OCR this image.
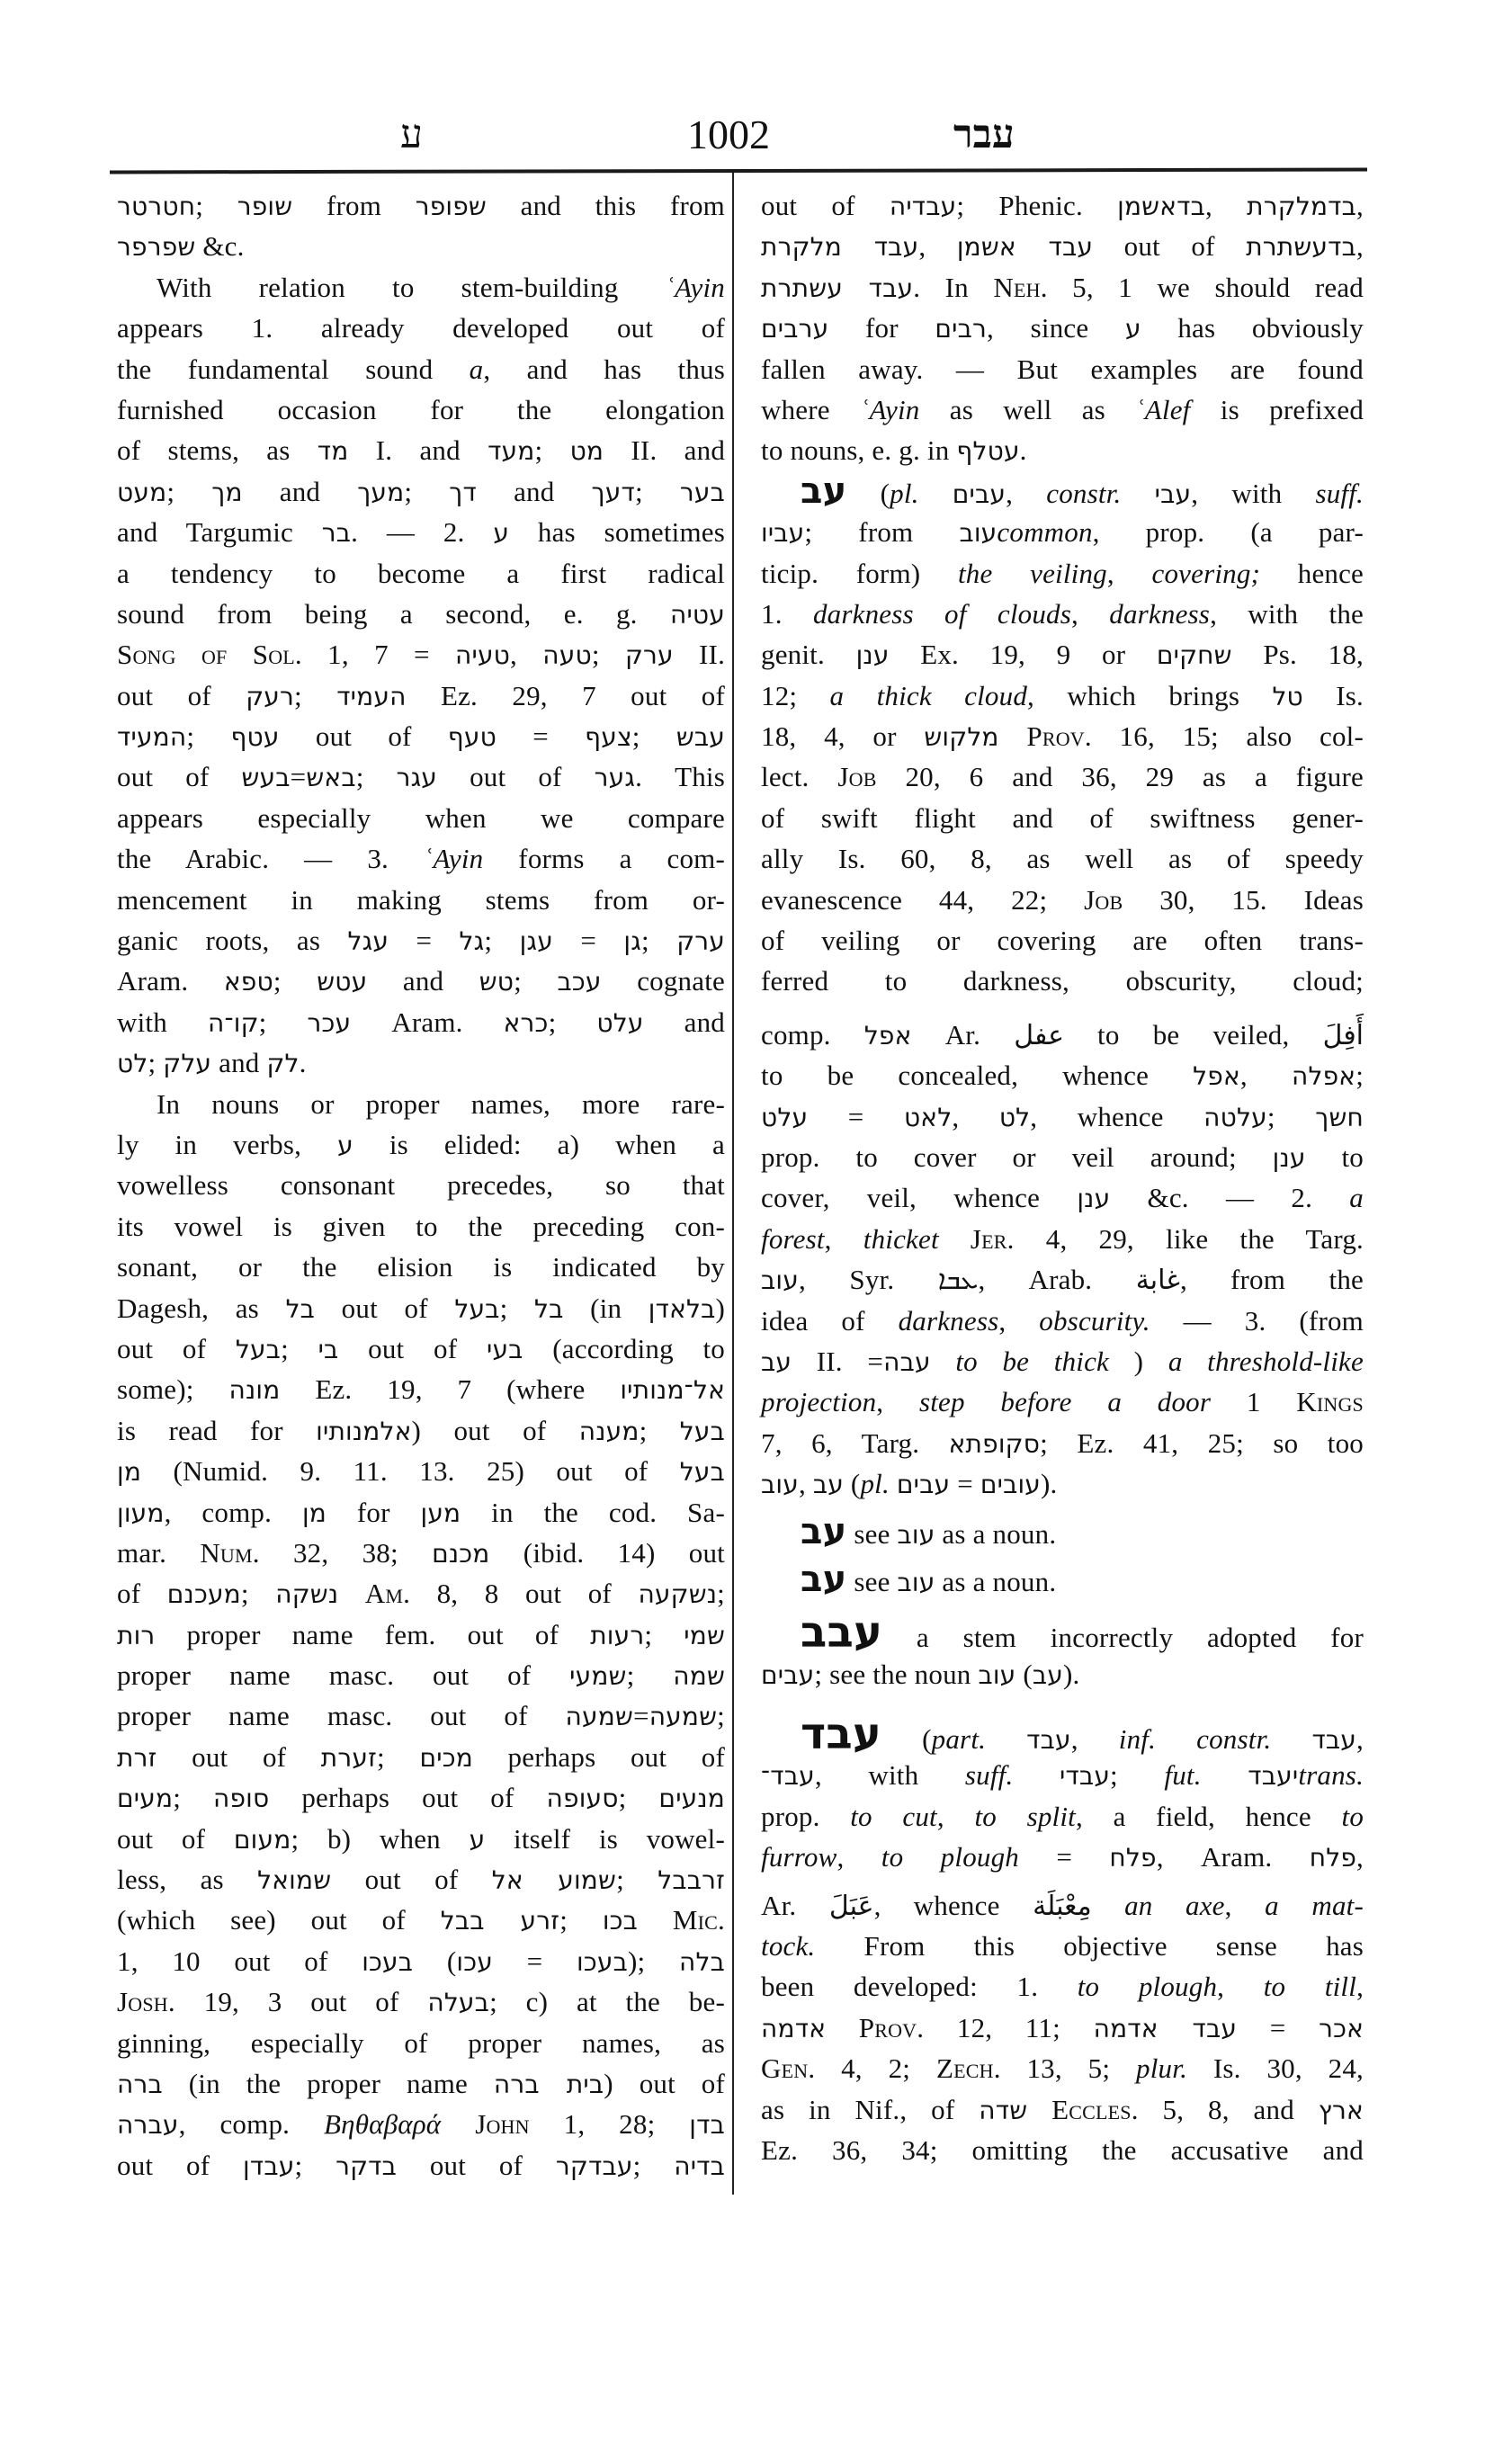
ע	1002	עבר
חטרטר; שופר from שפופר and this from
שפרפר &c.
With relation to stem-building ʿAyin
appears 1. already developed out of
the fundamental sound a, and has thus
furnished occasion for the elongation
of stems, as מד I. and מעד; מט II. and
מעט; מך and מעך; דך and דעך; בער
and Targumic בר. — 2. ע has sometimes
a tendency to become a first radical
sound from being a second, e. g. עטיה
Song of Sol. 1, 7 = טעיה, טעה; ערק II.
out of רעק; העמיד Ez. 29, 7 out of
המעיד; עטף out of טעף = צעף; עבש
out of בעש=באש; עגר out of גער. This
appears especially when we compare
the Arabic. — 3. ʿAyin forms a com-
mencement in making stems from or-
ganic roots, as עגל = גל; עגן = גן; ערק
Aram. טפא; עטש and טש; עכב cognate
with קו־ה; עכר Aram. כרא; עלט and
לט; עלק and לק.
In nouns or proper names, more rare-
ly in verbs, ע is elided: a) when a
vowelless consonant precedes, so that
its vowel is given to the preceding con-
sonant, or the elision is indicated by
Dagesh, as בל out of בעל; בל (in בלאדן)
out of בעל; בי out of בעי (according to
some); מונה Ez. 19, 7 (where אל־מנותיו
is read for אלמנותיו) out of מענה; בעל
מן (Numid. 9. 11. 13. 25) out of בעל
מעון, comp. מן for מען in the cod. Sa-
mar. Num. 32, 38; מכנם (ibid. 14) out
of מעכנם; נשקה Am. 8, 8 out of נשקעה;
רות proper name fem. out of רעות; שמי
proper name masc. out of שמעי; שמה
proper name masc. out of שמעה=שמעה;
זרת out of זערת; מכים perhaps out of
מעים; סופה perhaps out of סעופה; מנעים
out of מעום; b) when ע itself is vowel-
less, as שמואל out of שמוע אל; זרבבל
(which see) out of זרע בבל; בכו Mic.
1, 10 out of בעכו (עכו = בעכו); בלה
Josh. 19, 3 out of בעלה; c) at the be-
ginning, especially of proper names, as
ברה (in the proper name בית ברה) out of
עברה, comp. Βηθαβαρά John 1, 28; בדן
out of עבדן; בדקר out of עבדקר; בדיה
out of עבדיה; Phenic. בדאשמן, בדמלקרת,
עבד מלקרת, עבד אשמן out of בדעשתרת,
עבד עשתרת. In Neh. 5, 1 we should read
ערבים for רבים, since ע has obviously
fallen away. — But examples are found
where ʿAyin as well as ʿAlef is prefixed
to nouns, e. g. in עטלף.
עב (pl. עבים, constr. עבי, with suff.
עביו; from עובcommon, prop. (a par-
ticip. form) the veiling, covering; hence
1. darkness of clouds, darkness, with the
genit. ענן Ex. 19, 9 or שחקים Ps. 18,
12; a thick cloud, which brings טל Is.
18, 4, or מלקוש Prov. 16, 15; also col-
lect. Job 20, 6 and 36, 29 as a figure
of swift flight and of swiftness gener-
ally Is. 60, 8, as well as of speedy
evanescence 44, 22; Job 30, 15. Ideas
of veiling or covering are often trans-
ferred to darkness, obscurity, cloud;
comp. אפל Ar. عفل to be veiled, أَفِلَ
to be concealed, whence אפל, אפלה;
עלט = לאט, לט, whence עלטה; חשך
prop. to cover or veil around; ענן to
cover, veil, whence ענן &c. — 2. a
forest, thicket Jer. 4, 29, like the Targ.
עוב, Syr. ܥܒܐ, Arab. غابة, from the
idea of darkness, obscurity. — 3. (from
עב II. =עבה to be thick ) a threshold-like
projection, step before a door 1 Kings
7, 6, Targ. סקופתא; Ez. 41, 25; so too
עוב, עב (pl. עבים = עובים).
עב see עוב as a noun.
עב see עוב as a noun.
עבב a stem incorrectly adopted for
עבים; see the noun עוב (עב).
עבד (part. עבד, inf. constr. עבד,
עבד־, with suff. עבדי; fut. יעבדtrans.
prop. to cut, to split, a field, hence to
furrow, to plough = פלח, Aram. פלח,
Ar. عَبَلَ, whence مِعْبَلَة an axe, a mat-
tock. From this objective sense has
been developed: 1. to plough, to till,
אדמה Prov. 12, 11; עבד אדמה = אכר
Gen. 4, 2; Zech. 13, 5; plur. Is. 30, 24,
as in Nif., of שדה Eccles. 5, 8, and ארץ
Ez. 36, 34; omitting the accusative and
